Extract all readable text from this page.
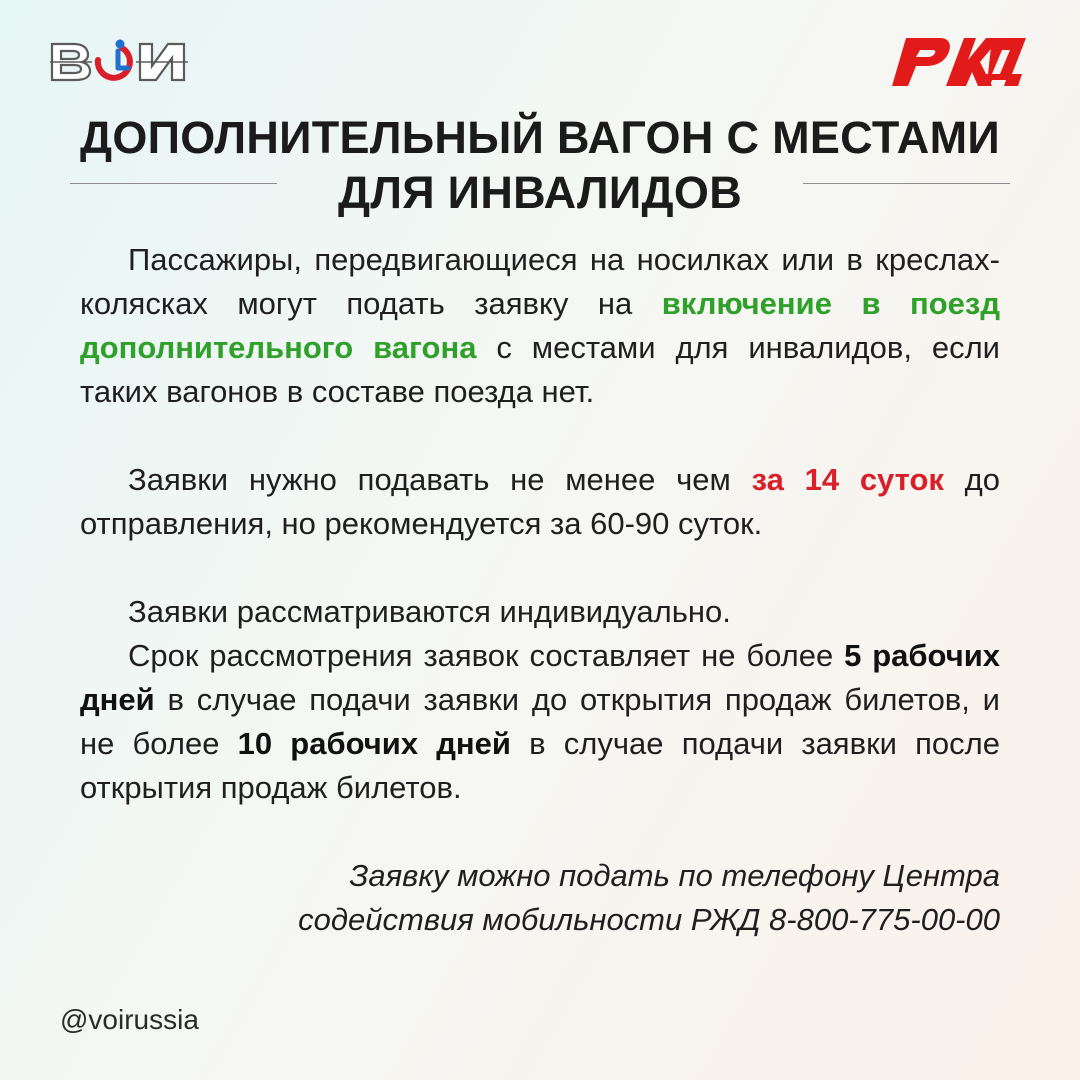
ДОПОЛНИТЕЛЬНЫЙ ВАГОН С МЕСТАМИ
ДЛЯ ИНВАЛИДОВ

Пассажиры, передвигающиеся на носилках или в креслах-колясках могут подать заявку на включение в поезд дополнительного вагона с местами для инвалидов, если таких вагонов в составе поезда нет.

Заявки нужно подавать не менее чем за 14 суток до отправления, но рекомендуется за 60-90 суток.

Заявки рассматриваются индивидуально.

Срок рассмотрения заявок составляет не более 5 рабочих дней в случае подачи заявки до открытия продаж билетов, и не более 10 рабочих дней в случае подачи заявки после открытия продаж билетов.

Заявку можно подать по телефону Центра
содействия мобильности РЖД 8-800-775-00-00
@voirussia
